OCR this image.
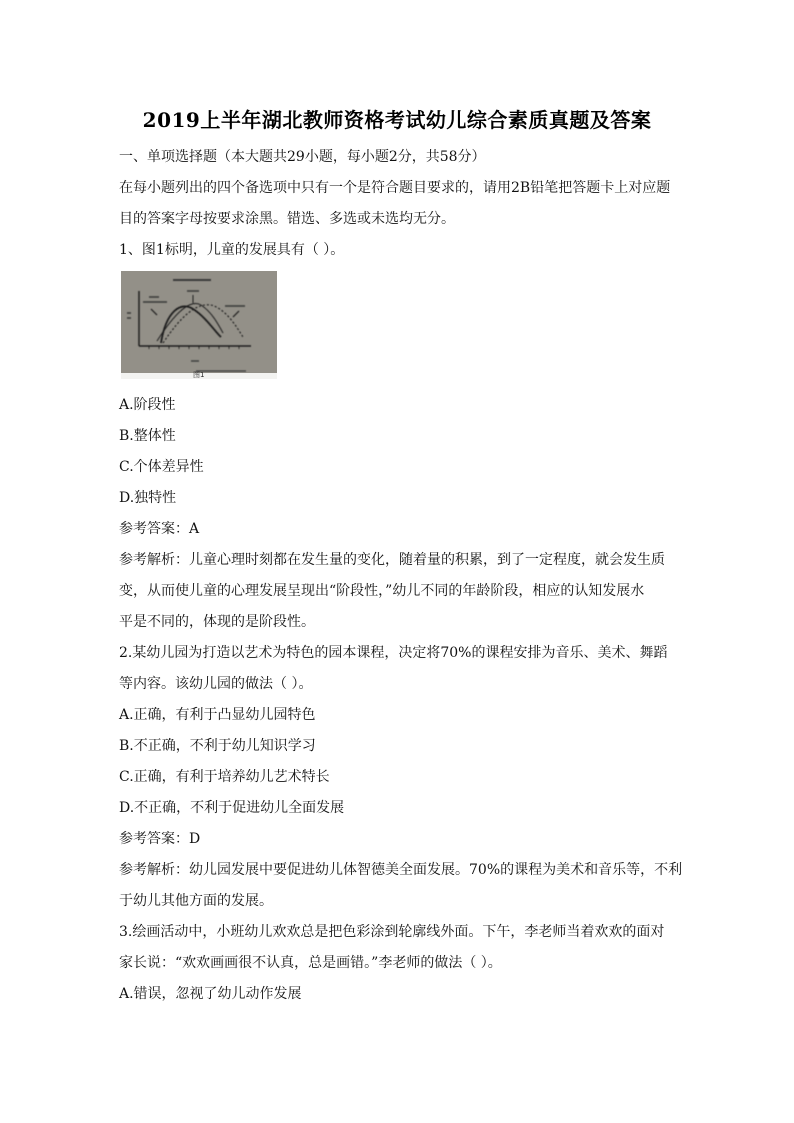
2019上半年湖北教师资格考试幼儿综合素质真题及答案
一、单项选择题（本大题共29小题，每小题2分，共58分）
在每小题列出的四个备选项中只有一个是符合题目要求的，请用2B铅笔把答题卡上对应题
目的答案字母按要求涂黑。错选、多选或未选均无分。
1、图1标明，儿童的发展具有（ ）。
图1
A.阶段性
B.整体性
C.个体差异性
D.独特性
参考答案：A
参考解析：儿童心理时刻都在发生量的变化，随着量的积累，到了一定程度，就会发生质
变，从而使儿童的心理发展呈现出“阶段性，”幼儿不同的年龄阶段，相应的认知发展水
平是不同的，体现的是阶段性。
2.某幼儿园为打造以艺术为特色的园本课程，决定将70%的课程安排为音乐、美术、舞蹈
等内容。该幼儿园的做法（ ）。
A.正确，有利于凸显幼儿园特色
B.不正确，不利于幼儿知识学习
C.正确，有利于培养幼儿艺术特长
D.不正确，不利于促进幼儿全面发展
参考答案：D
参考解析：幼儿园发展中要促进幼儿体智德美全面发展。70%的课程为美术和音乐等，不利
于幼儿其他方面的发展。
3.绘画活动中，小班幼儿欢欢总是把色彩涂到轮廓线外面。下午，李老师当着欢欢的面对
家长说：“欢欢画画很不认真，总是画错。”李老师的做法（ ）。
A.错误，忽视了幼儿动作发展
